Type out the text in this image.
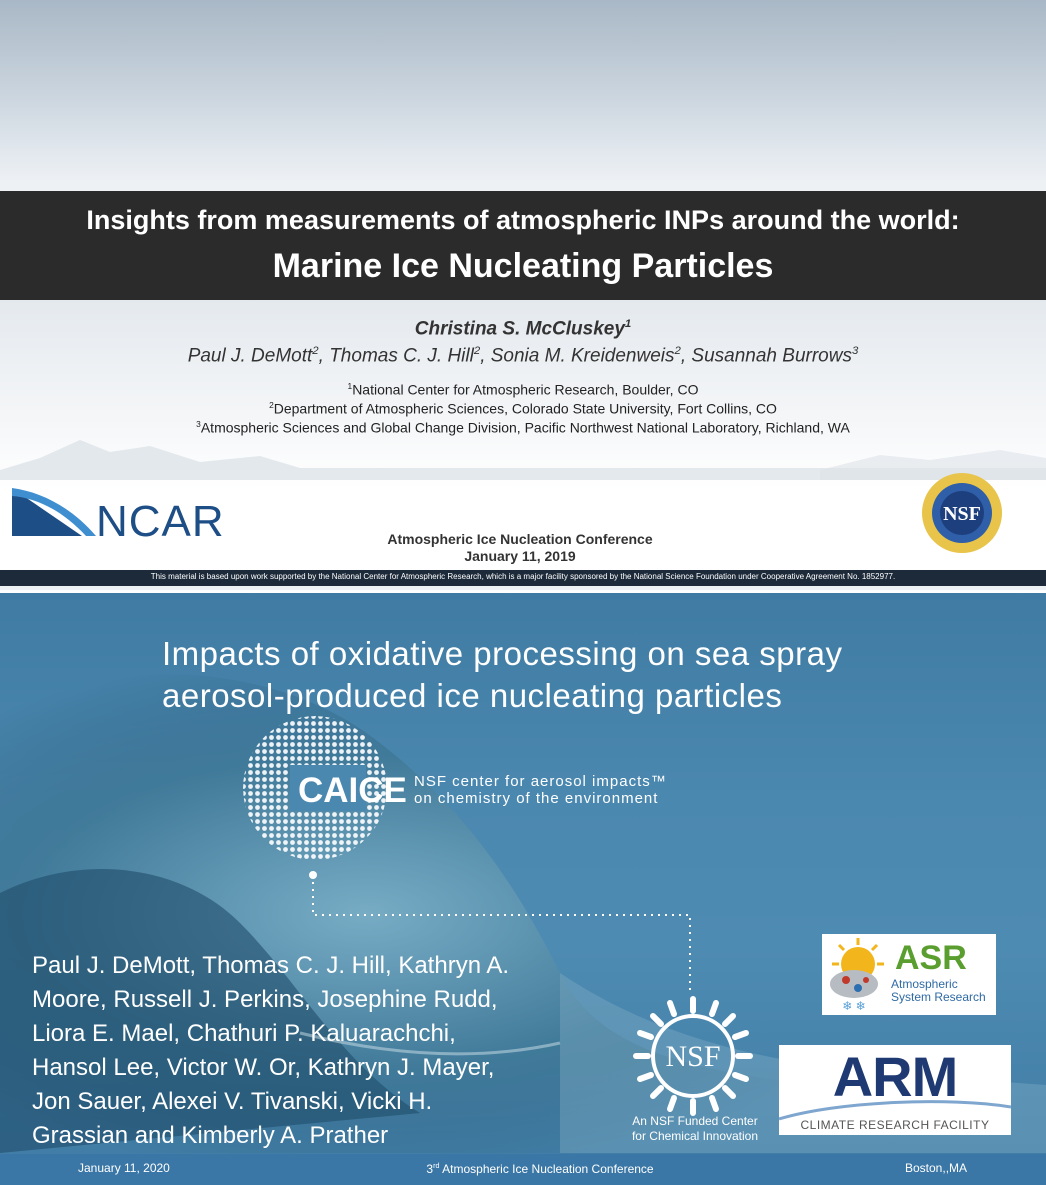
Insights from measurements of atmospheric INPs around the world:
Marine Ice Nucleating Particles
Christina S. McCluskey$^1$
Paul J. DeMott$^2$, Thomas C. J. Hill$^2$, Sonia M. Kreidenweis$^2$, Susannah Burrows$^3$
$^1$National Center for Atmospheric Research, Boulder, CO
$^2$Department of Atmospheric Sciences, Colorado State University, Fort Collins, CO
$^3$Atmospheric Sciences and Global Change Division, Pacific Northwest National Laboratory, Richland, WA
NCAR	NSF
Atmospheric Ice Nucleation Conference
January 11, 2019
This material is based upon work supported by the National Center for Atmospheric Research, which is a major facility sponsored by the National Science Foundation under Cooperative Agreement No. 1852977.
Impacts of oxidative processing on sea spray
aerosol-produced ice nucleating particles
CAICE NSF center for aerosol impacts™
on chemistry of the environment
Paul J. DeMott, Thomas C. J. Hill, Kathryn A.
Moore, Russell J. Perkins, Josephine Rudd,
Liora E. Mael, Chathuri P. Kaluarachchi,
Hansol Lee, Victor W. Or, Kathryn J. Mayer,
Jon Sauer, Alexei V. Tivanski, Vicki H.
Grassian and Kimberly A. Prather
NSF
An NSF Funded Center
for Chemical Innovation
❄ ❄
ASR
Atmospheric
System Research
ARM
CLIMATE RESEARCH FACILITY
January 11, 2020	3rd Atmospheric Ice Nucleation Conference	Boston,,MA
